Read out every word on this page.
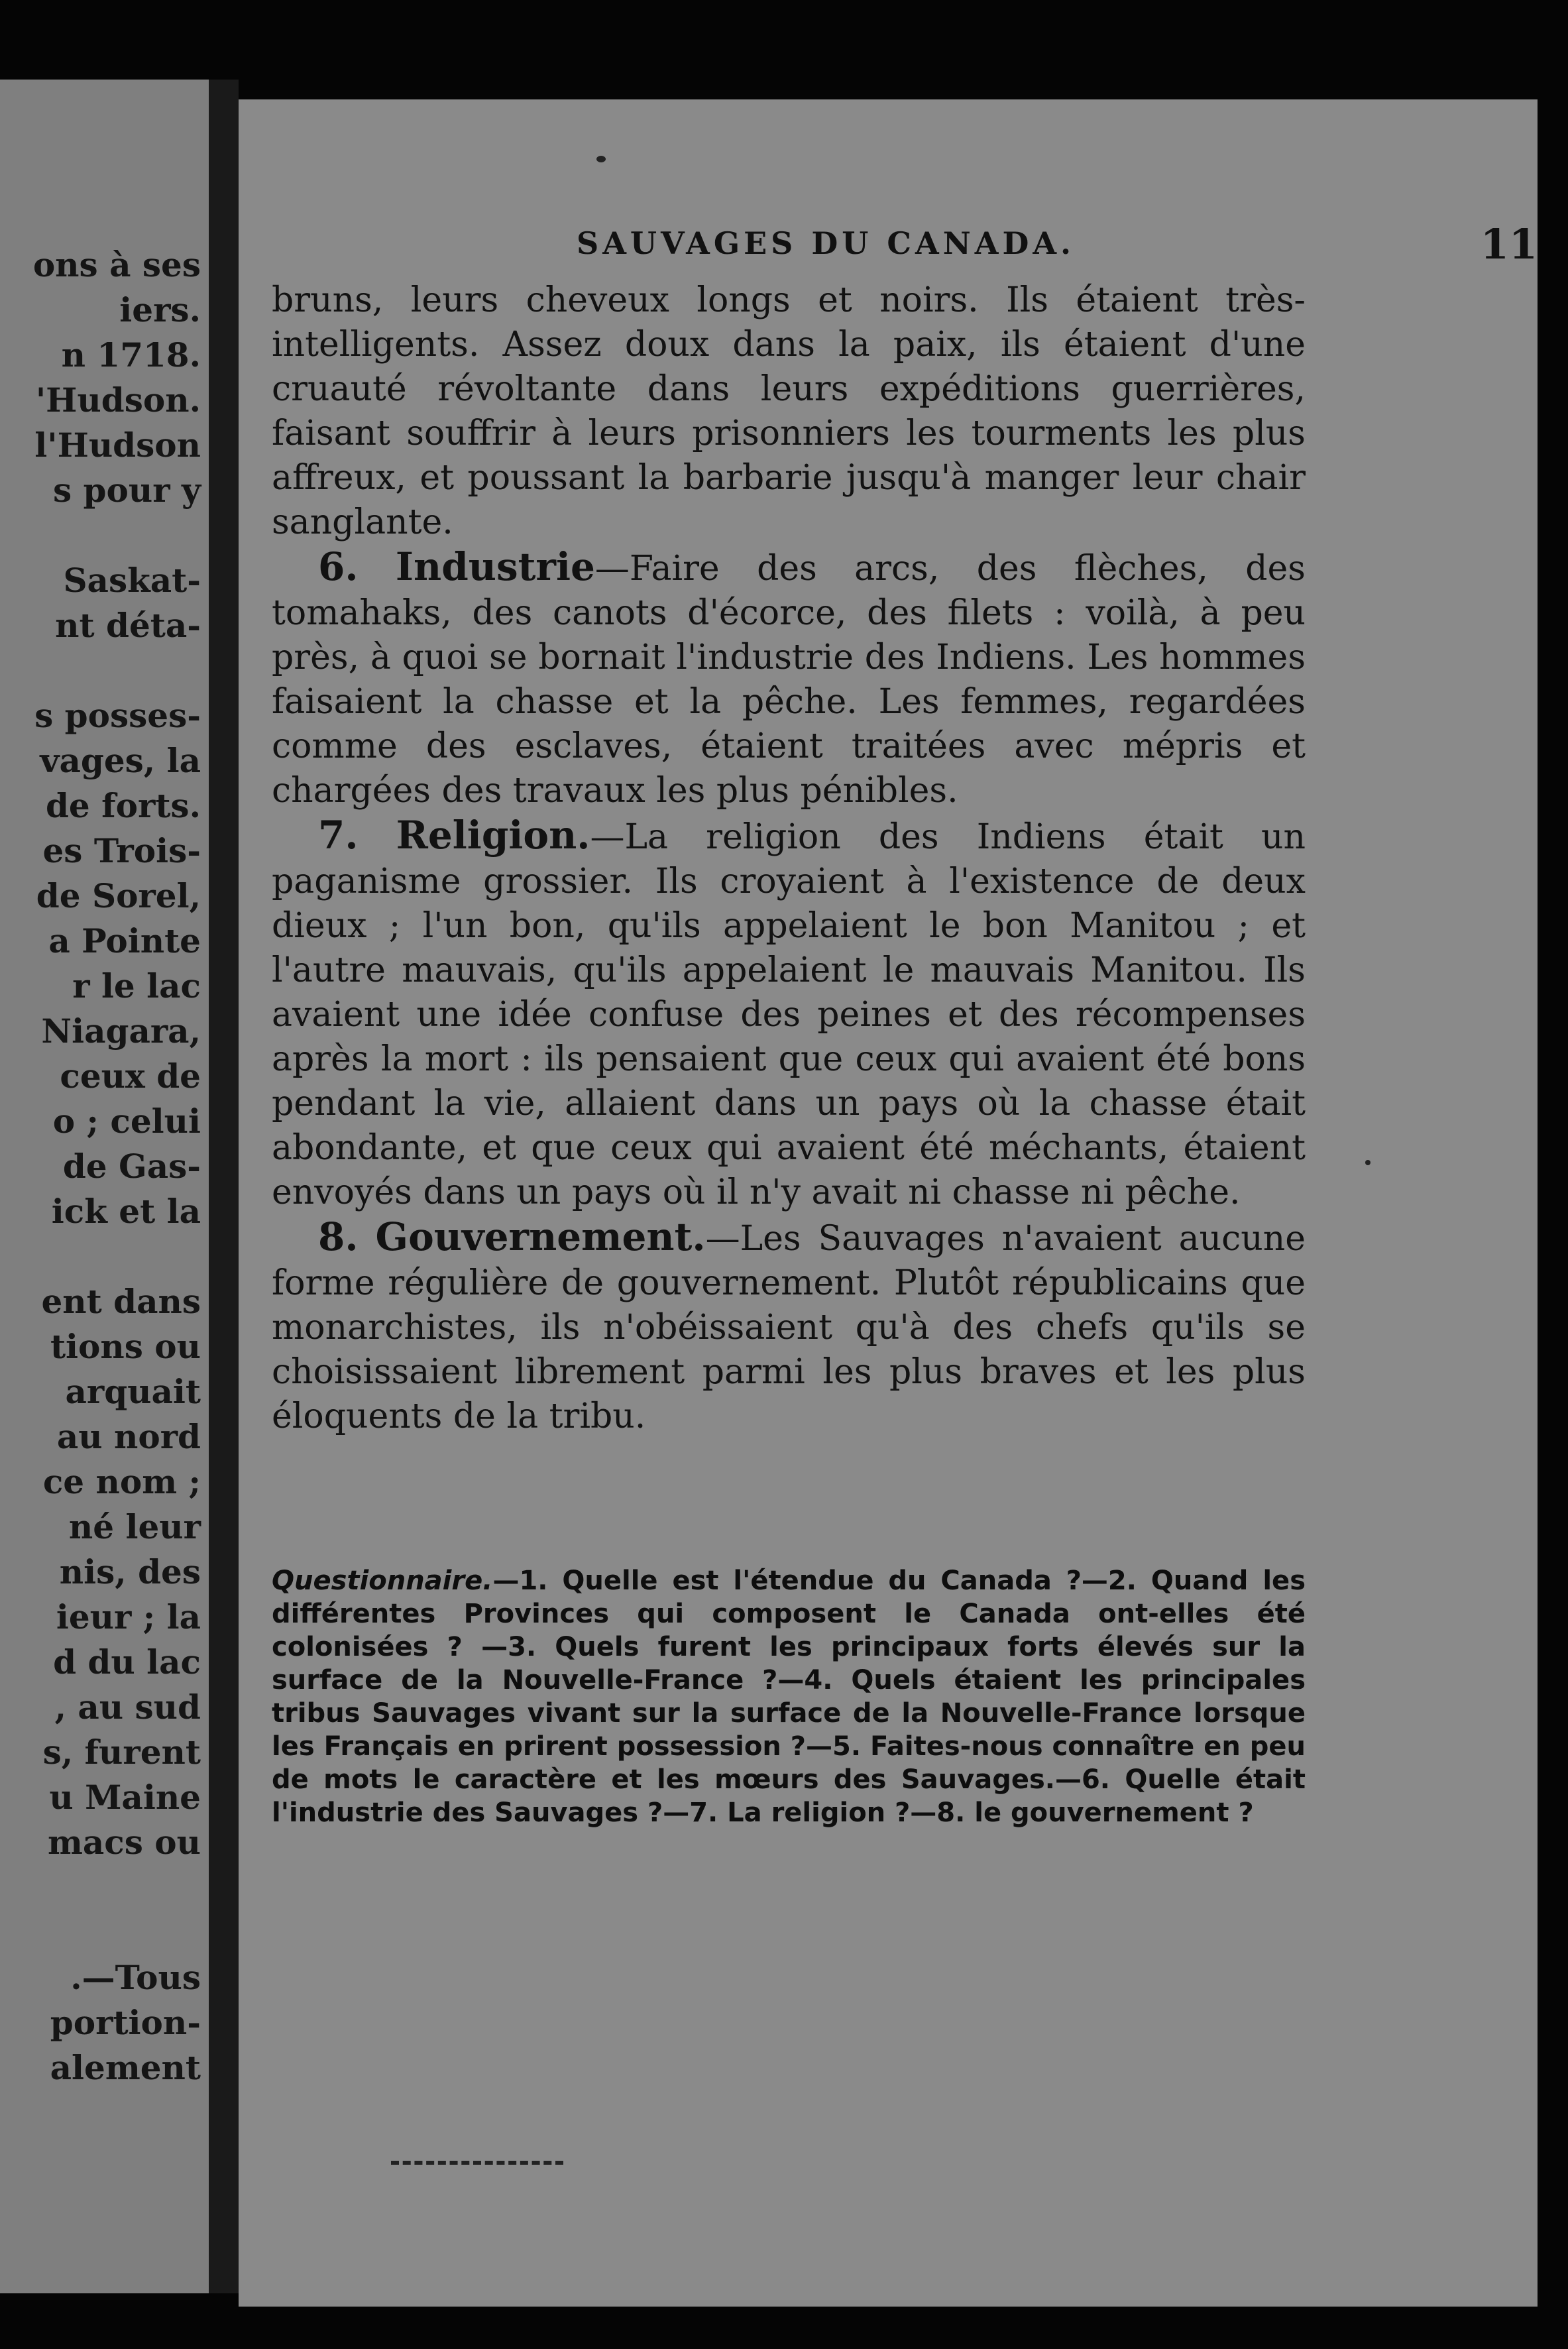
ons à ses
iers.
n 1718.
'Hudson.
l'Hudson
s pour y
Saskat-
nt déta-
s posses-
vages, la
de forts.
es Trois-
de Sorel,
a Pointe
r le lac
Niagara,
ceux de
o ; celui
de Gas-
ick et la
ent dans
tions ou
arquait
au nord
ce nom ;
né leur
nis, des
ieur ; la
d du lac
, au sud
s, furent
u Maine
macs ou
.—Tous
portion-
alement
SAUVAGES DU CANADA.	11

bruns, leurs cheveux longs et noirs. Ils étaient très-intelligents. Assez doux dans la paix, ils étaient d'une cruauté révoltante dans leurs expéditions guerrières, faisant souffrir à leurs prisonniers les tourments les plus affreux, et poussant la barbarie jusqu'à manger leur chair sanglante.

6. Industrie—Faire des arcs, des flèches, des tomahaks, des canots d'écorce, des filets : voilà, à peu près, à quoi se bornait l'industrie des Indiens. Les hommes faisaient la chasse et la pêche. Les femmes, regardées comme des esclaves, étaient traitées avec mépris et chargées des travaux les plus pénibles.

7. Religion.—La religion des Indiens était un paganisme grossier. Ils croyaient à l'existence de deux dieux ; l'un bon, qu'ils appelaient le bon Manitou ; et l'autre mauvais, qu'ils appelaient le mauvais Manitou. Ils avaient une idée confuse des peines et des récompenses après la mort : ils pensaient que ceux qui avaient été bons pendant la vie, allaient dans un pays où la chasse était abondante, et que ceux qui avaient été méchants, étaient envoyés dans un pays où il n'y avait ni chasse ni pêche.

8. Gouvernement.—Les Sauvages n'avaient aucune forme régulière de gouvernement. Plutôt républicains que monarchistes, ils n'obéissaient qu'à des chefs qu'ils se choisissaient librement parmi les plus braves et les plus éloquents de la tribu.

Questionnaire.—1. Quelle est l'étendue du Canada ?—2. Quand les différentes Provinces qui composent le Canada ont-elles été colonisées ? —3. Quels furent les principaux forts élevés sur la surface de la Nouvelle-France ?—4. Quels étaient les principales tribus Sauvages vivant sur la surface de la Nouvelle-France lorsque les Français en prirent possession ?—5. Faites-nous connaître en peu de mots le caractère et les mœurs des Sauvages.—6. Quelle était l'industrie des Sauvages ?—7. La religion ?—8. le gouvernement ?
